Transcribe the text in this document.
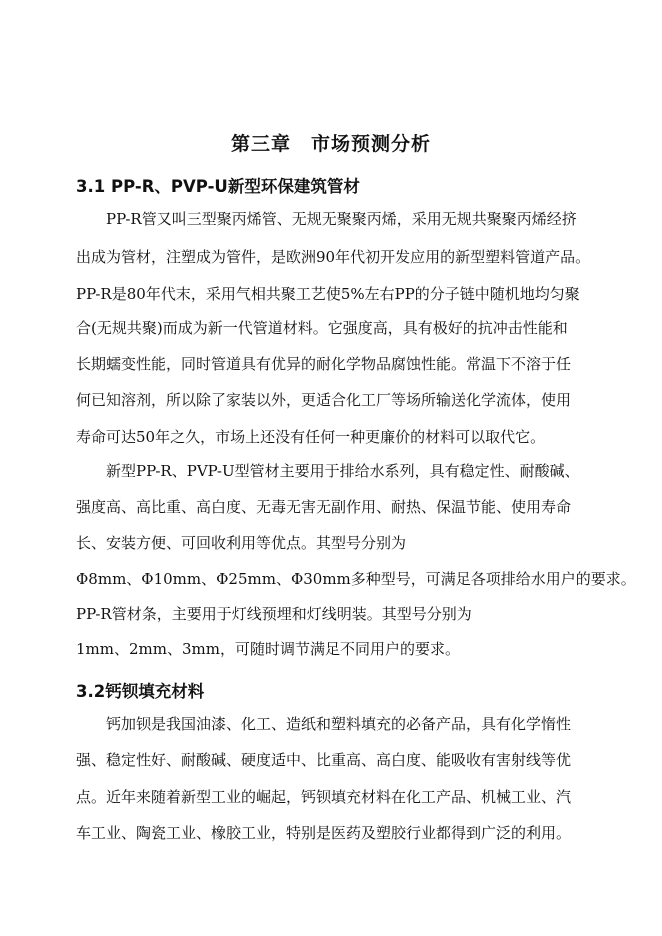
第三章　市场预测分析
3.1 PP-R、PVP-U新型环保建筑管材
PP-R管又叫三型聚丙烯管、无规无聚聚丙烯，采用无规共聚聚丙烯经挤
出成为管材，注塑成为管件，是欧洲90年代初开发应用的新型塑料管道产品。
PP-R是80年代末，采用气相共聚工艺使5%左右PP的分子链中随机地均匀聚
合(无规共聚)而成为新一代管道材料。它强度高，具有极好的抗冲击性能和
长期蠕变性能，同时管道具有优异的耐化学物品腐蚀性能。常温下不溶于任
何已知溶剂，所以除了家装以外，更适合化工厂等场所输送化学流体，使用
寿命可达50年之久，市场上还没有任何一种更廉价的材料可以取代它。
新型PP-R、PVP-U型管材主要用于排给水系列，具有稳定性、耐酸碱、
强度高、高比重、高白度、无毒无害无副作用、耐热、保温节能、使用寿命
长、安装方便、可回收利用等优点。其型号分别为
Φ8mm、Φ10mm、Φ25mm、Φ30mm多种型号，可满足各项排给水用户的要求。
PP-R管材条，主要用于灯线预埋和灯线明装。其型号分别为
1mm、2mm、3mm，可随时调节满足不同用户的要求。
3.2钙钡填充材料
钙加钡是我国油漆、化工、造纸和塑料填充的必备产品，具有化学惰性
强、稳定性好、耐酸碱、硬度适中、比重高、高白度、能吸收有害射线等优
点。近年来随着新型工业的崛起，钙钡填充材料在化工产品、机械工业、汽
车工业、陶瓷工业、橡胶工业，特别是医药及塑胶行业都得到广泛的利用。
